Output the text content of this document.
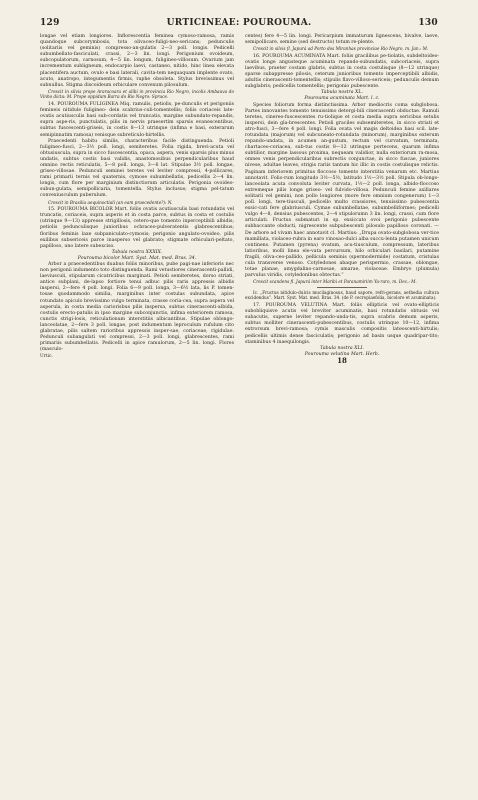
129	URTICINEAE: POUROUMA.	130

longae vel etiam longiores. Inflorescentia feminea cymoso-ramosa, ramis quandoque subcorymbosis, tota olivaceo-fuligi-neo-sericans; pedunculis (solitariis vel geminis) compresso-an-gulatis 2—3 poll. longis. Pedicelli subumbellato-fasciculati, crassi, 2—3 lin. longi. Perigonium ovoideum, subcopulatorum, carnosum, 4—5 lin. longum, fuligineo-villosum. Ovarium jam incrementum subligneum, endocarpio laevi, castaneo, nitido, hinc linea elevata placentifera auctum, ovulo e basi laterali, cavita-tem nequaquam implente ovato, acuto, anatropo, integumentis firmis, raphe obsoleta. Stylus brevissimus vel subnullus. Stigma discoideum orbiculare convexum pilosulum.

Crescit in silvis prope Araracoara et alibi in provincia Rio Negro, incolis Ambauva do Vinho dicta: M. Prope oppidum Barra do Rio Negro: Spruce.

14. POUROUMA FULIGINEA Miq. ramulis, petiolis, pe-dunculis et perigoniis femineis nitidule fuligineo- dein scabrius-culi-tomentellis; foliis coriaceis late-ovatis acutiusculis basi sub-cordatis vel truncatis, margine subundato-repandis, supra aspe-ris, punctulatis, pilis in nervis praesertim sparsis evanescentibus, subtus fuscescenti-griseis, in costis 8—13 utrinque (infima e basi, exterarum semipinnatim ramosa) venisque subreticulo-hirtellis.

Praecedenti habitu similis, characteribus facile distinguenda. Petioli fuligineo-fusci, 2—3½ poll. longi, semiteretes. Folia rigida, brevi-acuta vel obtusiuscula, supra in sicco fuscescentia, opaca, aspera, venis sparsis plus minus undatis, subtus costis basi validis, anastomosibus perpendicularibus haud omnino rectis reticulatis, 5—8 poll. longa, 3—6 lat. Stipulae 3½ poll. longae, griseo-villosae. Pedunculi seminei teretes vel leviter compressi, 4-pollicares, rami primarii ternis vel quaternis, cymose subumbellatis, pedicellis 2—4 lin. longis, cum flore per marginium distinctiorum articulatis. Perigonia ovoideo-subun-gulata, semipollicaria, tomentella. Stylus inclusus; stigma pel-tatum convexiusculum puberulum.

Crescit in Brasilia aequinoctiali (an eam praecedente?): N.

15. POUROUMA BICOLOR Mart. foliis ovatis acutiusculis basi rotundatis vel truncatis, coriaceis, supra asperis et in costa parce, subtus in costa et costulis (utrinque 9—13) appresse strigillosis, cetero-que tomento inperceptibili albidis; petiolis pedunculisque junioribus ochraceo-pulveratentis glabrescentibus; floribus feminis laxe subpaniculato-cymosis; perigonio angulato-ovoideo, pilis exilibus subsericeis parce inaspersо vel glabrato; stigmate orbiculari-peltato, papilloso, uno latere subexciso.

Tabula nostra XXXIX.

Pourouma bicolor Mart. Syst. Mat. med. Bras. 34.

Arbor a praecedentibus duabus foliis minoribus, pube pagi-nae inferioris nec non perigonii indumento toto distinguenda. Rami vetustiores cinerascenti-pallidi, laeviusculi, stipularum cicatricibus marginati. Petioli semiteretes, dorso striati, antice subplani, de-lapso fortiore tenui adbuc pilis raris appressis albidis inspersi, 2—fere 4 poll. longi. Folia 6—9 poll. longa, 3—6½ lata, lis P. tomen-tosae quodammodo similia, marginibus inter costulas subundata, apice rotundato apiculo brevissimo vulgo terminata, crasse coria-cea, supra aspera vel asperula, in costa media cariorisbus pilis inspersa, subtus cinerascenti-albida, costulis erecto-patulis in ipso margine subconjunctis, infima exteriorem ramosa, cunctis strigi-losis, reticulationum interstitiis albicantibus. Stipulae oblongo-lanceolatae, 2—fere 3 poll. longae, post indumentum leproculum rufulum cito glabratae, pilis saltem rarioribus appressis insper-sae, coriaceae, rigidulae. Pedunculi subangulati vel compressi, 2—3 poll. longi, glabrescentes, rami primariis subumbellatis. Pedicelli in apice ramulorum, 2—5 lin. longi. Flores (masсulo-

Urtic.

centes) fere 4—5 lin. longi. Pericarpium immaturum lignescens, bivalve, laeve, semipollicare, semine (sed destructo) totum re-plente.

Crescit in silvis fl. Japurá ad Porto dos Miranhas provinciae Rio Negro, m. Jan.: M.

16. POUROUMA ACUMINATA Mart. foliis gracilibus pe-tiolatis, subdeltoideo-ovatis longe angusteque acuminata repando-subundatis, subcoriaceis, supra laevibus, praeter costam glabris, subtus in costa costulisque (8—12 utrinque) sparse subappresse pilosis, ceterum junioribus tomento imperceptibili albidis, adultis cinerascenti-tomentellis; stipulis flavo-villoso-sericeis; pedunculis demum subglabris; pedicellis tomentellis; perigonio pubescente.

Tabula nostra XL.

Pourouma acuminata Mart. l. c.

Species foliorum forma distinctissima. Arbor mediocris coma subglobosa. Partes innovantes tomento tenuissimo detergi-bili cinerascenti obductae. Ramuli teretes, cinereo-fuscescentes ru-tiolique et costa media supra sericibus setulis inspersi, dein gla-brescentes. Petioli graciles subsemiteretes, in sicco striati et atro-fusci, 3—fere 4 poll. longi. Folia ovata vel magis deltoidea basi scil. late-rotundata (majorum) vel subcuneato-rotundata (minorum), marginibus exterum repando-undata, in acumen an-gustum, rectum vel curvatum, terminata, chartaceo-coriacea, sub-tus costis 8—12 utrinque portecens, quarum infima subtilior, margine lassous proxima, nequeam validior, nulla exteriorum ra-mosa, omnes venis perpendicularibus subrectis conjunctae, in sicco fuscae, juniores nivese, adultae leaves, strigis rariis tantum hic illic in costis costulisque relictis. Paginam inferiorem primitus floccoso tomento interstitia venarum etc. Martius annotavit. Folio-rum longitudo 3½—5½, latitudo 1½—3½ poll. Stipula ob-longo-lanceolata acuta convoluta leviter curvata, 1½—2 poll. longa, albido-floccoso extremeque pilis longe griseo- vel fulvido-villosa. Pedunculi femine axillares solitarii vel gemini, non pollo longiores (more fere omnium congenerum) 1—3 poll. longi, tere-tiusculi, pedicello multo crassiores, tenuissimo pubescentia exsic-cati fere glabriusculi. Cymae subumbellatae, subumbelliformes; pedicelli vulgo 4—8, densius pubescentes, 2—4 stipulorumn 3 lin. longi, crassi, cum flore articulati. Fructus submaturi in sp. exsiccato ovoi perigonio pubescente subbaccante obducti, nigrescente subpubescenti pilosulo papilloso coronati. — De arbore ad vivam haec annotavit cl. Martius: „Drupa ovato-subglobosa ver-tice mamillata, violaceo-rubra in earo vinosao-dulci alba succu-lenta putamen unicum continens. Putamen (pyrena) ovatum, acu-tiusculum, compressum, lateribus latioribus, molli linea ele-vata percursum, hilo orbiculari basilari, putamine fragili, oliva-ceo-pallido, pellicula seminis (spermodermide) costatum, cristulas cula transverse venoso. Cotyledones abaque perispermio, crassae, oblongae, totae planae, amygdalino-carnosae, amarae, violaceae. Embryo (plumula) parvulus viridis, cotyledonibus obtectus.“

Crescit scandens fl. Japurá inter Maribi et Paranamiriim Ya-ruro, m. Dec.: M.

Ic. „Fructus nitidulo-dulcis mucilaginosus, haud sapore, refri-gerans, aethedia cultura excidendus“. Mart. Syst. Mat. med. Bras. 34. (de P. cecropiaefolia, bicolore et acuminata).

17. POUROUMA VELUTINA Mart. foliis ellipticis vel ovato-ellipticis subobliquisve acutis vel breviter acuminatis, basi rotundatis obtusis vel subacutis, superne leviter repando-unda-tis, supra scabris demum asperis, subtus molliter cinerascenti-pubescentibus, costulis utrinque 10—12, infima extrorsum brevi-ramosa; cymis masculis compositis lateoscenti-hirtulis; pedicellis ultimis dense fasciculatis; perigonio ad basin usque quadripar-tito; staminibus 4 inaequilongis.

Tabula nostra XLI.

Pourouma velutina Mart. Herb.

18
